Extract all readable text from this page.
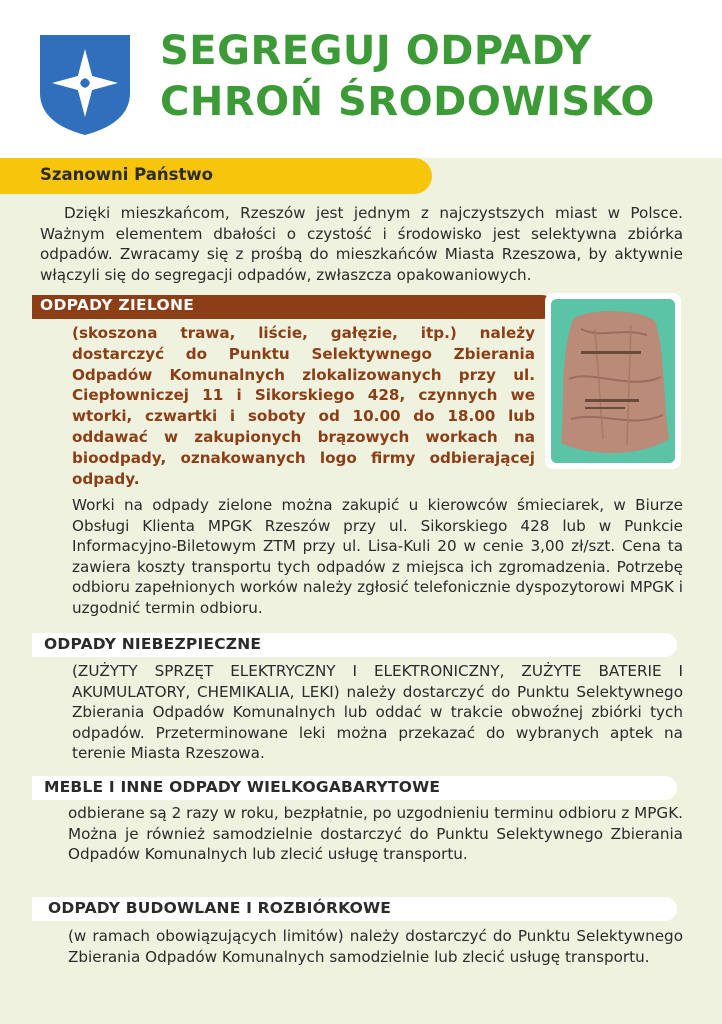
SEGREGUJ ODPADY
CHROŃ ŚRODOWISKO
Szanowni Państwo
Dzięki mieszkańcom, Rzeszów jest jednym z najczystszych miast w Polsce. Ważnym elementem dbałości o czystość i środowisko jest selektywna zbiórka odpadów. Zwracamy się z prośbą do mieszkańców Miasta Rzeszowa, by aktywnie włączyli się do segregacji odpadów, zwłaszcza opakowaniowych.
ODPADY ZIELONE
(skoszona trawa, liście, gałęzie, itp.) należy dostarczyć do Punktu Selektywnego Zbierania Odpadów Komunalnych zlokalizowanych przy ul. Ciepłowniczej 11 i Sikorskiego 428, czynnych we wtorki, czwartki i soboty od 10.00 do 18.00 lub oddawać w zakupionych brązowych workach na bioodpady, oznakowanych logo firmy odbierającej odpady.
Worki na odpady zielone można zakupić u kierowców śmieciarek, w Biurze Obsługi Klienta MPGK Rzeszów przy ul. Sikorskiego 428 lub w Punkcie Informacyjno-Biletowym ZTM przy ul. Lisa-Kuli 20 w cenie 3,00 zł/szt. Cena ta zawiera koszty transportu tych odpadów z miejsca ich zgromadzenia. Potrzebę odbioru zapełnionych worków należy zgłosić telefonicznie dyspozytorowi MPGK i uzgodnić termin odbioru.
ODPADY NIEBEZPIECZNE
(ZUŻYTY SPRZĘT ELEKTRYCZNY I ELEKTRONICZNY, ZUŻYTE BATERIE I AKUMULATORY, CHEMIKALIA, LEKI) należy dostarczyć do Punktu Selektywnego Zbierania Odpadów Komunalnych lub oddać w trakcie obwoźnej zbiórki tych odpadów. Przeterminowane leki można przekazać do wybranych aptek na terenie Miasta Rzeszowa.
MEBLE I INNE ODPADY WIELKOGABARYTOWE
odbierane są 2 razy w roku, bezpłatnie, po uzgodnieniu terminu odbioru z MPGK. Można je również samodzielnie dostarczyć do Punktu Selektywnego Zbierania Odpadów Komunalnych lub zlecić usługę transportu.
ODPADY BUDOWLANE I ROZBIÓRKOWE
(w ramach obowiązujących limitów) należy dostarczyć do Punktu Selektywnego Zbierania Odpadów Komunalnych samodzielnie lub zlecić usługę transportu.
